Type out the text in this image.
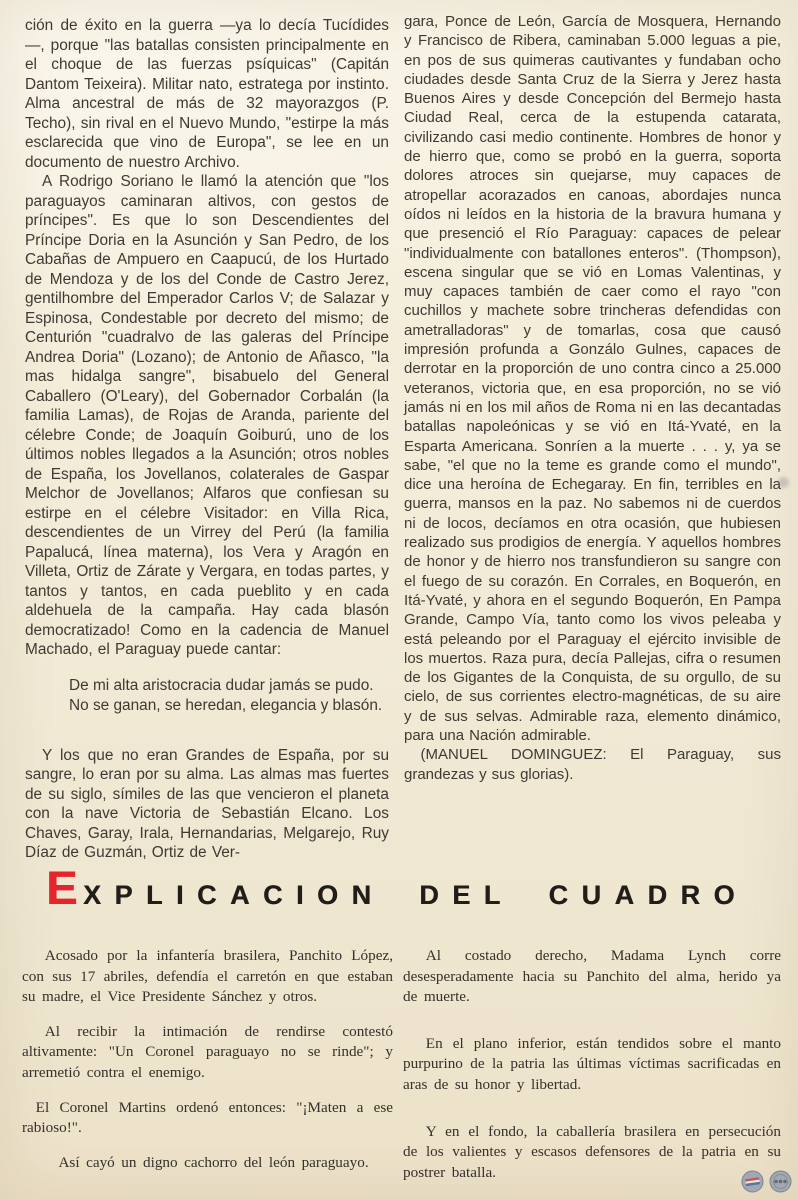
ción de éxito en la guerra —ya lo decía Tucídides—, porque "las batallas consisten principalmente en el choque de las fuerzas psíquicas" (Capitán Dantom Teixeira). Militar nato, estratega por instinto. Alma ancestral de más de 32 mayorazgos (P. Techo), sin rival en el Nuevo Mundo, "estirpe la más esclarecida que vino de Europa", se lee en un documento de nuestro Archivo.

A Rodrigo Soriano le llamó la atención que "los paraguayos caminaran altivos, con gestos de príncipes". Es que lo son Descendientes del Príncipe Doria en la Asunción y San Pedro, de los Cabañas de Ampuero en Caapucú, de los Hurtado de Mendoza y de los del Conde de Castro Jerez, gentilhombre del Emperador Carlos V; de Salazar y Espinosa, Condestable por decreto del mismo; de Centurión "cuadralvo de las galeras del Príncipe Andrea Doria" (Lozano); de Antonio de Añasco, "la mas hidalga sangre", bisabuelo del General Caballero (O'Leary), del Gobernador Corbalán (la familia Lamas), de Rojas de Aranda, pariente del célebre Conde; de Joaquín Goiburú, uno de los últimos nobles llegados a la Asunción; otros nobles de España, los Jovellanos, colaterales de Gaspar Melchor de Jovellanos; Alfaros que confiesan su estirpe en el célebre Visitador: en Villa Rica, descendientes de un Virrey del Perú (la familia Papalucá, línea materna), los Vera y Aragón en Villeta, Ortiz de Zárate y Vergara, en todas partes, y tantos y tantos, en cada pueblito y en cada aldehuela de la campaña. Hay cada blasón democratizado! Como en la cadencia de Manuel Machado, el Paraguay puede cantar:

De mi alta aristocracia dudar jamás se pudo.
No se ganan, se heredan, elegancia y blasón.

Y los que no eran Grandes de España, por su sangre, lo eran por su alma. Las almas mas fuertes de su siglo, símiles de las que vencieron el planeta con la nave Victoria de Sebastián Elcano. Los Chaves, Garay, Irala, Hernandarias, Melgarejo, Ruy Díaz de Guzmán, Ortiz de Ver-

gara, Ponce de León, García de Mosquera, Hernando y Francisco de Ribera, caminaban 5.000 leguas a pie, en pos de sus quimeras cautivantes y fundaban ocho ciudades desde Santa Cruz de la Sierra y Jerez hasta Buenos Aires y desde Concepción del Bermejo hasta Ciudad Real, cerca de la estupenda catarata, civilizando casi medio continente. Hombres de honor y de hierro que, como se probó en la guerra, soporta dolores atroces sin quejarse, muy capaces de atropellar acorazados en canoas, abordajes nunca oídos ni leídos en la historia de la bravura humana y que presenció el Río Paraguay: capaces de pelear "individualmente con batallones enteros". (Thompson), escena singular que se vió en Lomas Valentinas, y muy capaces también de caer como el rayo "con cuchillos y machete sobre trincheras defendidas con ametralladoras" y de tomarlas, cosa que causó impresión profunda a Gonzálo Gulnes, capaces de derrotar en la proporción de uno contra cinco a 25.000 veteranos, victoria que, en esa proporción, no se vió jamás ni en los mil años de Roma ni en las decantadas batallas napoleónicas y se vió en Itá-Yvaté, en la Esparta Americana. Sonríen a la muerte . . . y, ya se sabe, "el que no la teme es grande como el mundo", dice una heroína de Echegaray. En fin, terribles en la guerra, mansos en la paz. No sabemos ni de cuerdos ni de locos, decíamos en otra ocasión, que hubiesen realizado sus prodigios de energía. Y aquellos hombres de honor y de hierro nos transfundieron su sangre con el fuego de su corazón. En Corrales, en Boquerón, en Itá-Yvaté, y ahora en el segundo Boquerón, En Pampa Grande, Campo Vía, tanto como los vivos peleaba y está peleando por el Paraguay el ejército invisible de los muertos. Raza pura, decía Pallejas, cifra o resumen de los Gigantes de la Conquista, de su orgullo, de su cielo, de sus corrientes electro-magnéticas, de su aire y de sus selvas. Admirable raza, elemento dinámico, para una Nación admirable.

(MANUEL DOMINGUEZ: El Paraguay, sus grandezas y sus glorias).

EXPLICACION DEL CUADRO

Acosado por la infantería brasilera, Panchito López, con sus 17 abriles, defendía el carretón en que estaban su madre, el Vice Presidente Sánchez y otros.

Al recibir la intimación de rendirse contestó altivamente: "Un Coronel paraguayo no se rinde"; y arremetió contra el enemigo.

El Coronel Martins ordenó entonces: "¡Maten a ese rabioso!".

Así cayó un digno cachorro del león paraguayo.

Al costado derecho, Madama Lynch corre desesperadamente hacia su Panchito del alma, herido ya de muerte.

En el plano inferior, están tendidos sobre el manto purpurino de la patria las últimas víctimas sacrificadas en aras de su honor y libertad.

Y en el fondo, la caballería brasilera en persecución de los valientes y escasos defensores de la patria en su postrer batalla.
